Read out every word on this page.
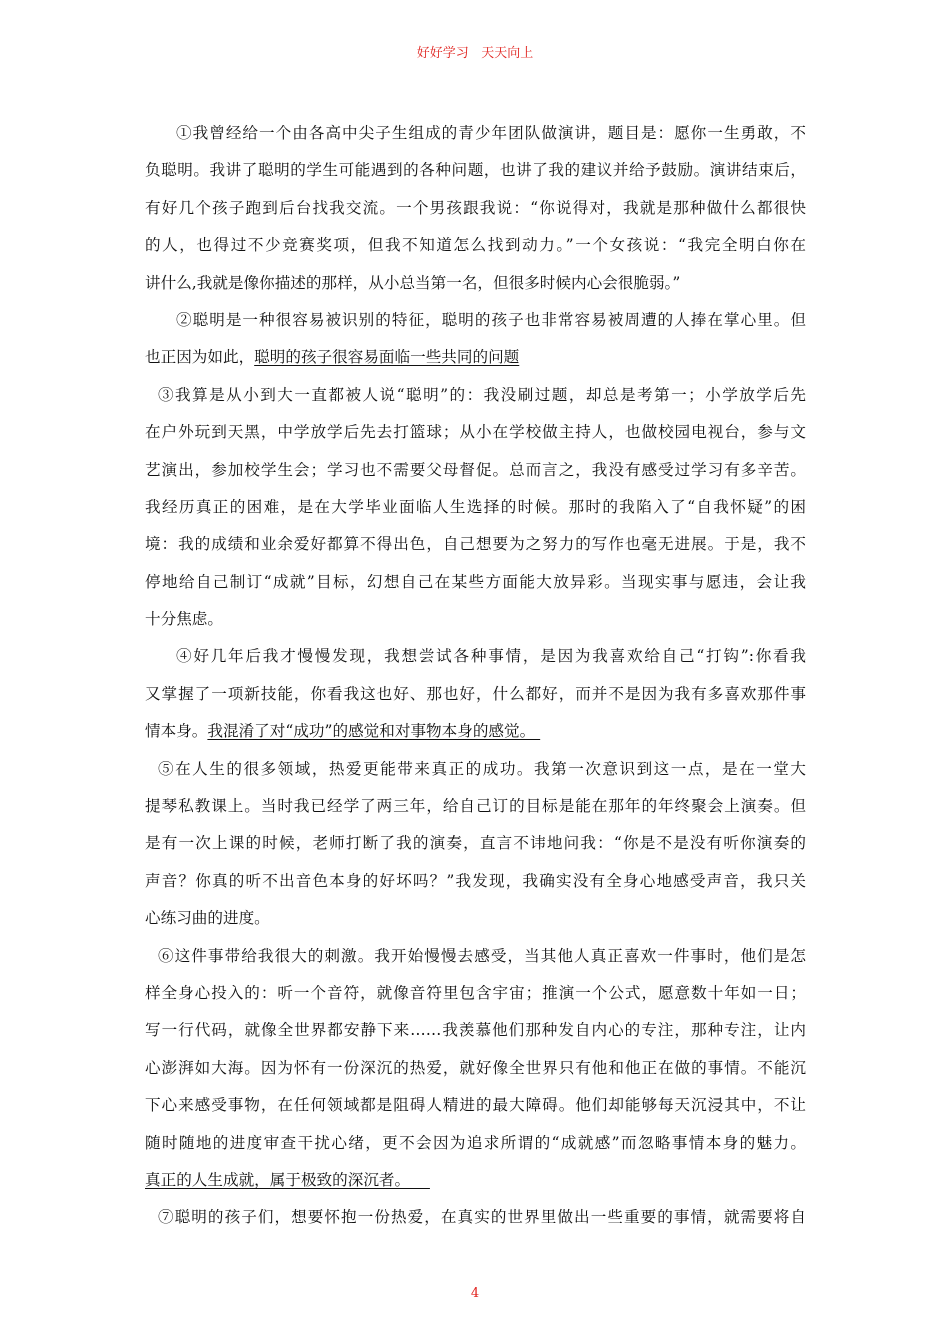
好好学习   天天向上
①我曾经给一个由各高中尖子生组成的青少年团队做演讲，题目是：愿你一生勇敢，不
负聪明。我讲了聪明的学生可能遇到的各种问题，也讲了我的建议并给予鼓励。演讲结束后，
有好几个孩子跑到后台找我交流。一个男孩跟我说：“你说得对，我就是那种做什么都很快
的人，也得过不少竞赛奖项，但我不知道怎么找到动力。”一个女孩说：“我完全明白你在
讲什么,我就是像你描述的那样，从小总当第一名，但很多时候内心会很脆弱。”
②聪明是一种很容易被识别的特征，聪明的孩子也非常容易被周遭的人捧在掌心里。但
也正因为如此，聪明的孩子很容易面临一些共同的问题
③我算是从小到大一直都被人说“聪明”的：我没刷过题，却总是考第一；小学放学后先
在户外玩到天黑，中学放学后先去打篮球；从小在学校做主持人，也做校园电视台，参与文
艺演出，参加校学生会；学习也不需要父母督促。总而言之，我没有感受过学习有多辛苦。
我经历真正的困难，是在大学毕业面临人生选择的时候。那时的我陷入了“自我怀疑”的困
境：我的成绩和业余爱好都算不得出色，自己想要为之努力的写作也毫无进展。于是，我不
停地给自己制订“成就”目标，幻想自己在某些方面能大放异彩。当现实事与愿违，会让我
十分焦虑。
④好几年后我才慢慢发现，我想尝试各种事情，是因为我喜欢给自己“打钩”:你看我
又掌握了一项新技能，你看我这也好、那也好，什么都好，而并不是因为我有多喜欢那件事
情本身。我混淆了对“成功”的感觉和对事物本身的感觉。
⑤在人生的很多领域，热爱更能带来真正的成功。我第一次意识到这一点，是在一堂大
提琴私教课上。当时我已经学了两三年，给自己订的目标是能在那年的年终聚会上演奏。但
是有一次上课的时候，老师打断了我的演奏，直言不讳地问我：“你是不是没有听你演奏的
声音？你真的听不出音色本身的好坏吗？”我发现，我确实没有全身心地感受声音，我只关
心练习曲的进度。
⑥这件事带给我很大的刺激。我开始慢慢去感受，当其他人真正喜欢一件事时，他们是怎
样全身心投入的：听一个音符，就像音符里包含宇宙；推演一个公式，愿意数十年如一日；
写一行代码，就像全世界都安静下来……我羡慕他们那种发自内心的专注，那种专注，让内
心澎湃如大海。因为怀有一份深沉的热爱，就好像全世界只有他和他正在做的事情。不能沉
下心来感受事物，在任何领域都是阻碍人精进的最大障碍。他们却能够每天沉浸其中，不让
随时随地的进度审查干扰心绪，更不会因为追求所谓的“成就感”而忽略事情本身的魅力。
真正的人生成就，属于极致的深沉者。
⑦聪明的孩子们，想要怀抱一份热爱，在真实的世界里做出一些重要的事情，就需要将自
4
